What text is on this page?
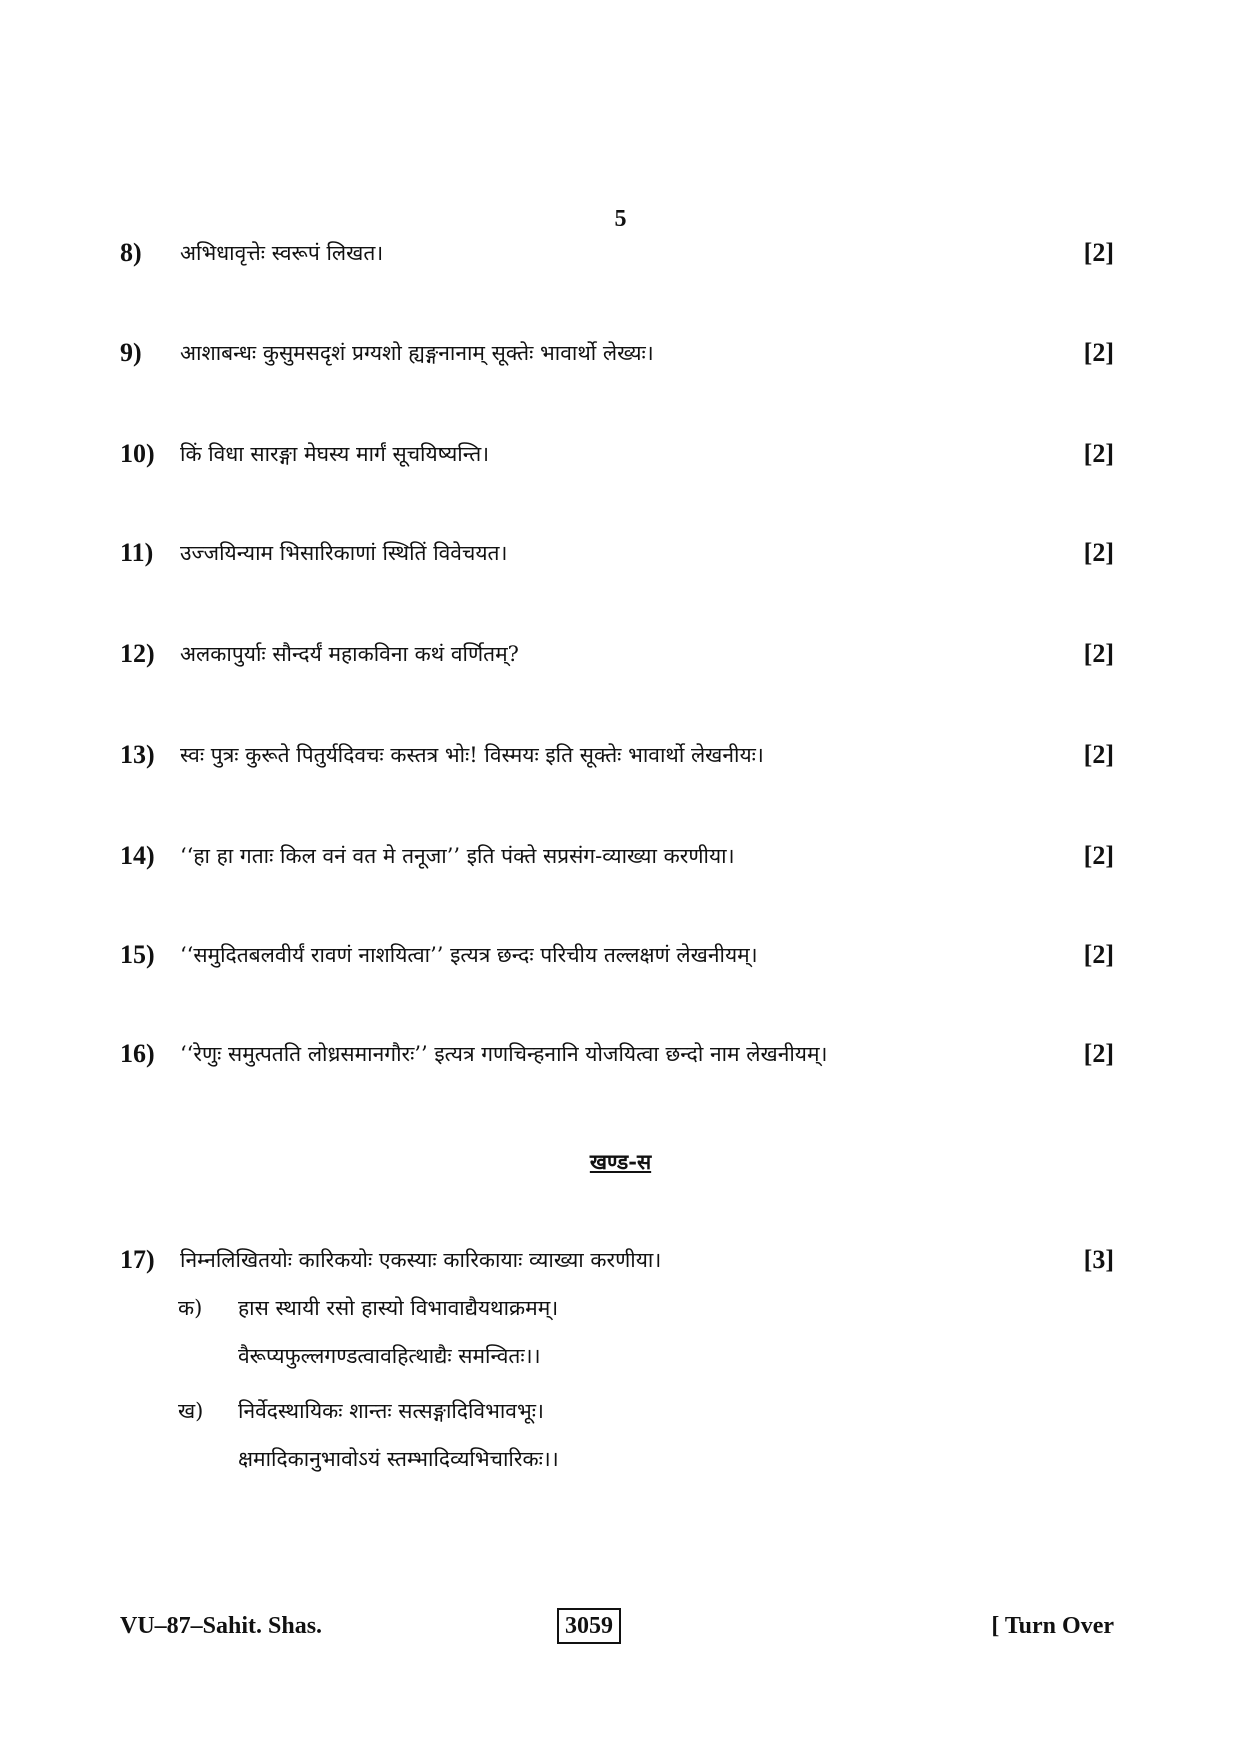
5
8) अभिधावृत्तेः स्वरूपं लिखत।	[2]
9) आशाबन्धः कुसुमसदृशं प्रग्यशो ह्यङ्गनानाम् सूक्तेः भावार्थो लेख्यः।	[2]
10) किं विधा सारङ्गा मेघस्य मार्गं सूचयिष्यन्ति।	[2]
11) उज्जयिन्याम भिसारिकाणां स्थितिं विवेचयत।	[2]
12) अलकापुर्याः सौन्दर्यं महाकविना कथं वर्णितम्?	[2]
13) स्वः पुत्रः कुरूते पितुर्यदिवचः कस्तत्र भोः! विस्मयः इति सूक्तेः भावार्थो लेखनीयः।	[2]
14) ‘‘हा हा गताः किल वनं वत मे तनूजा’’ इति पंक्ते सप्रसंग-व्याख्या करणीया।	[2]
15) ‘‘समुदितबलवीर्यं रावणं नाशयित्वा’’ इत्यत्र छन्दः परिचीय तल्लक्षणं लेखनीयम्।	[2]
16) ‘‘रेणुः समुत्पतति लोध्रसमानगौरः’’ इत्यत्र गणचिन्हनानि योजयित्वा छन्दो नाम लेखनीयम्।	[2]
खण्ड-स
17) निम्नलिखितयोः कारिकयोः एकस्याः कारिकायाः व्याख्या करणीया।	[3]
क) हास स्थायी रसो हास्यो विभावाद्यैयथाक्रमम्।
वैरूप्यफुल्लगण्डत्वावहित्थाद्यैः समन्वितः।।
ख) निर्वेदस्थायिकः शान्तः सत्सङ्गादिविभावभूः।
क्षमादिकानुभावोऽयं स्तम्भादिव्यभिचारिकः।।
VU–87–Sahit. Shas.	3059	[ Turn Over
